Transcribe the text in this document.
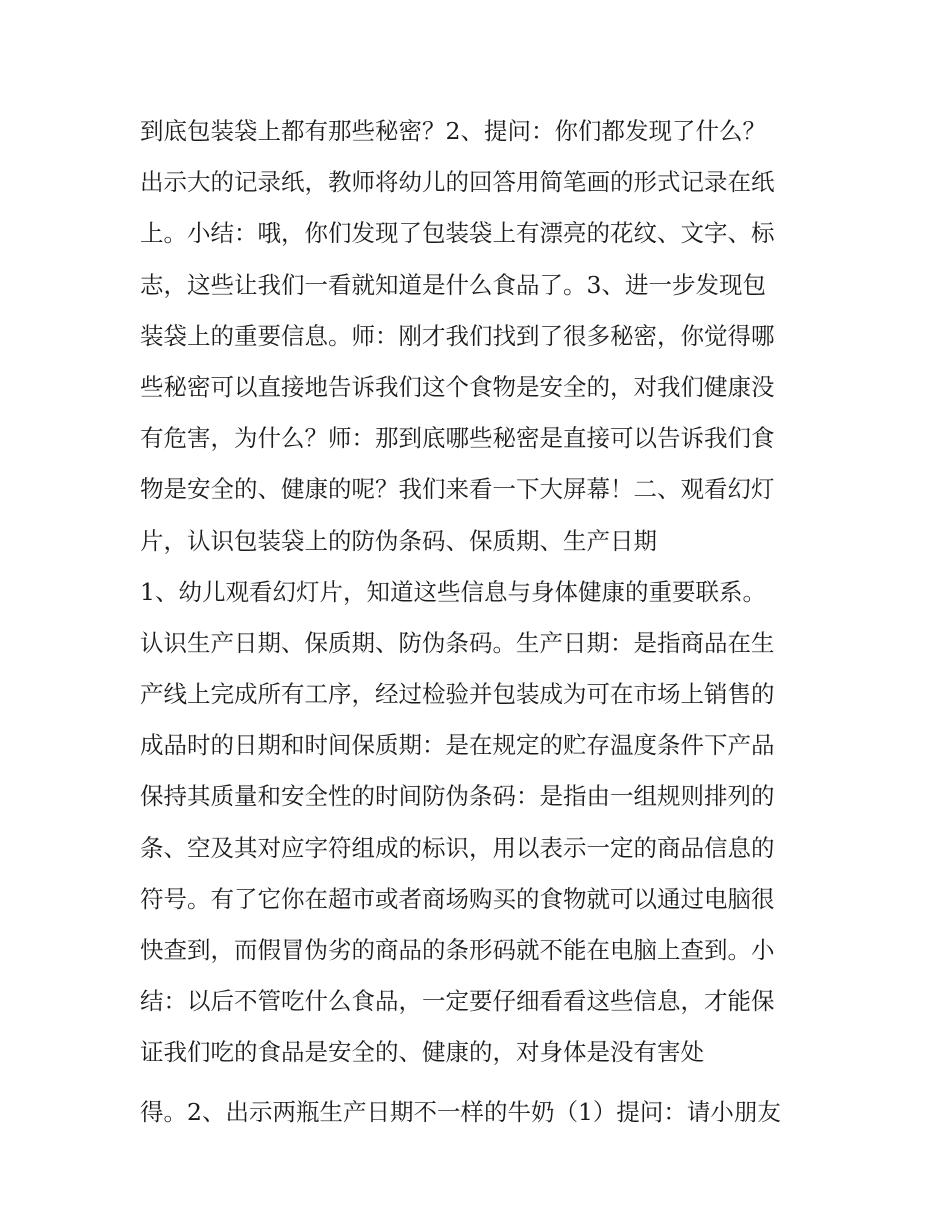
到底包装袋上都有那些秘密？2、提问：你们都发现了什么？
出示大的记录纸，教师将幼儿的回答用简笔画的形式记录在纸
上。小结：哦，你们发现了包装袋上有漂亮的花纹、文字、标
志，这些让我们一看就知道是什么食品了。3、进一步发现包
装袋上的重要信息。师：刚才我们找到了很多秘密，你觉得哪
些秘密可以直接地告诉我们这个食物是安全的，对我们健康没
有危害，为什么？师：那到底哪些秘密是直接可以告诉我们食
物是安全的、健康的呢？我们来看一下大屏幕！二、观看幻灯
片，认识包装袋上的防伪条码、保质期、生产日期
1、幼儿观看幻灯片，知道这些信息与身体健康的重要联系。
认识生产日期、保质期、防伪条码。生产日期：是指商品在生
产线上完成所有工序，经过检验并包装成为可在市场上销售的
成品时的日期和时间保质期：是在规定的贮存温度条件下产品
保持其质量和安全性的时间防伪条码：是指由一组规则排列的
条、空及其对应字符组成的标识，用以表示一定的商品信息的
符号。有了它你在超市或者商场购买的食物就可以通过电脑很
快查到，而假冒伪劣的商品的条形码就不能在电脑上查到。小
结：以后不管吃什么食品，一定要仔细看看这些信息，才能保
证我们吃的食品是安全的、健康的，对身体是没有害处
得。2、出示两瓶生产日期不一样的牛奶（1）提问：请小朋友
